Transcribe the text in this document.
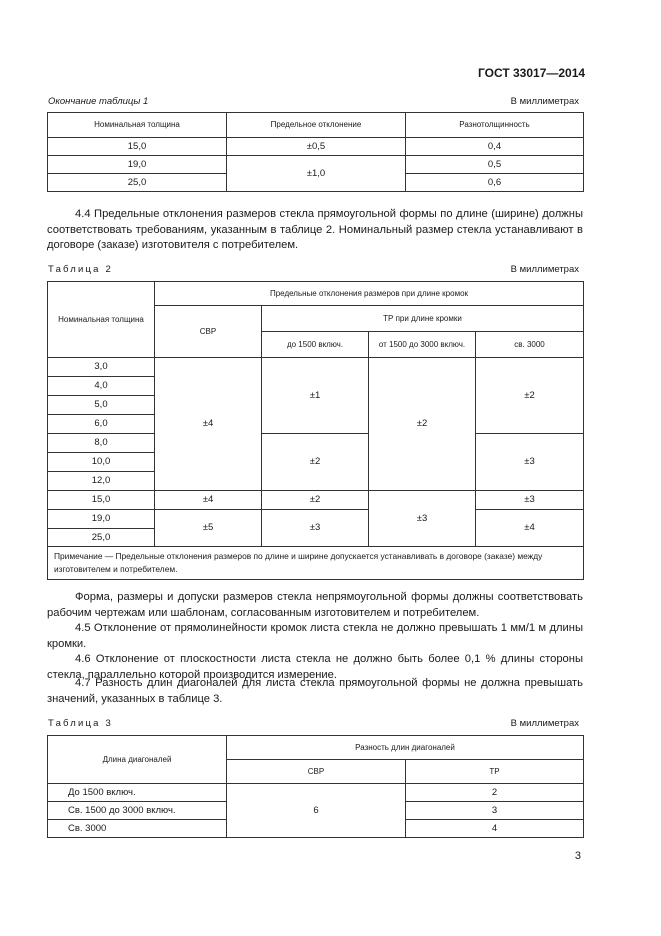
ГОСТ 33017—2014
Окончание таблицы 1	В миллиметрах
Номинальная толщина	Предельное отклонение	Разнотолщинность
15,0	±0,5	0,4
19,0	±1,0	0,5
25,0		0,6
4.4 Предельные отклонения размеров стекла прямоугольной формы по длине (ширине) должны соответствовать требованиям, указанным в таблице 2. Номинальный размер стекла устанавливают в договоре (заказе) изготовителя с потребителем.
Таблица 2	В миллиметрах
Номинальная толщина	Предельные отклонения размеров при длине кромок			
	СВР	ТР при длине кромки		
		до 1500 включ.	от 1500 до 3000 включ.	св. 3000
3,0	±4	±1	±2	±2
4,0				
5,0				
6,0				
8,0		±2		±3
10,0				
12,0				
15,0	±4	±2	±3	±3
19,0	±5	±3		±4
25,0				
Примечание — Предельные отклонения размеров по длине и ширине допускается устанавливать в договоре (заказе) между изготовителем и потребителем.				
Форма, размеры и допуски размеров стекла непрямоугольной формы должны соответствовать рабочим чертежам или шаблонам, согласованным изготовителем и потребителем.
4.5 Отклонение от прямолинейности кромок листа стекла не должно превышать 1 мм/1 м длины кромки.
4.6 Отклонение от плоскостности листа стекла не должно быть более 0,1 % длины стороны стекла, параллельно которой производится измерение.
4.7 Разность длин диагоналей для листа стекла прямоугольной формы не должна превышать значений, указанных в таблице 3.
Таблица 3	В миллиметрах
Длина диагоналей	Разность длин диагоналей	
	СВР	ТР
До 1500 включ.	6	2
Св. 1500 до 3000 включ.		3
Св. 3000		4
3
